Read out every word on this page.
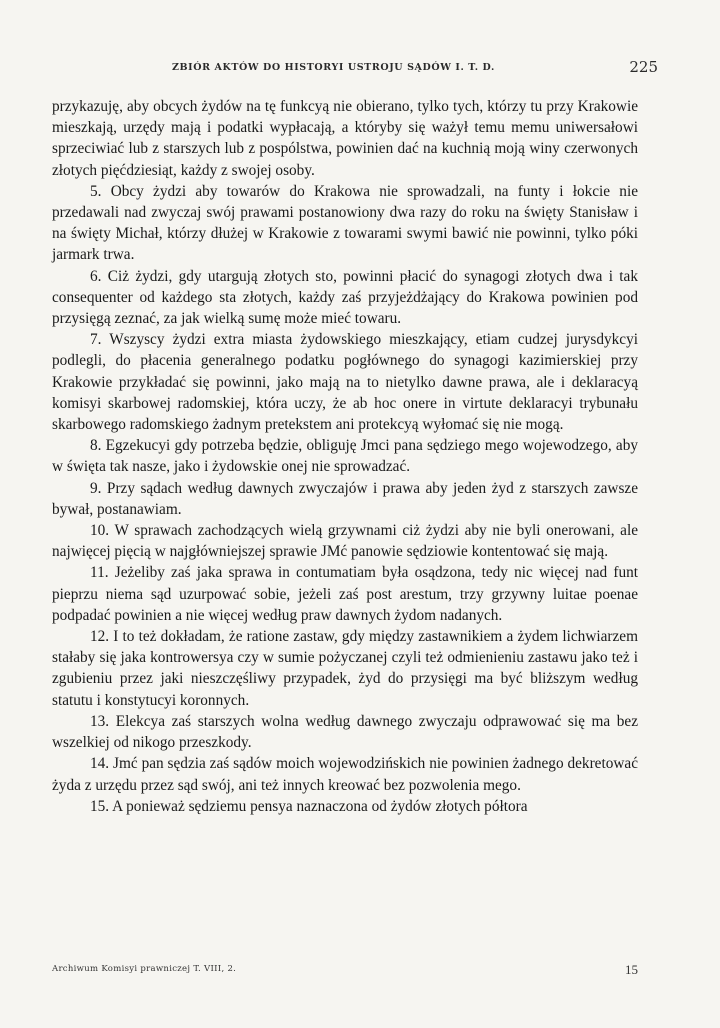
ZBIÓR AKTÓW DO HISTORYI USTROJU SĄDÓW I. T. D.	225

przykazuję, aby obcych żydów na tę funkcyą nie obierano, tylko tych, którzy tu przy Krakowie mieszkają, urzędy mają i podatki wypłacają, a któryby się ważył temu memu uniwersałowi sprzeciwiać lub z starszych lub z pospólstwa, powinien dać na kuchnią moją winy czerwonych złotych pięćdziesiąt, każdy z swojej osoby.

5. Obcy żydzi aby towarów do Krakowa nie sprowadzali, na funty i łokcie nie przedawali nad zwyczaj swój prawami postanowiony dwa razy do roku na święty Stanisław i na święty Michał, którzy dłużej w Krakowie z towarami swymi bawić nie powinni, tylko póki jarmark trwa.

6. Ciż żydzi, gdy utargują złotych sto, powinni płacić do synagogi złotych dwa i tak consequenter od każdego sta złotych, każdy zaś przyjeżdżający do Krakowa powinien pod przysięgą zeznać, za jak wielką sumę może mieć towaru.

7. Wszyscy żydzi extra miasta żydowskiego mieszkający, etiam cudzej jurysdykcyi podlegli, do płacenia generalnego podatku pogłównego do synagogi kazimierskiej przy Krakowie przykładać się powinni, jako mają na to nietylko dawne prawa, ale i deklaracyą komisyi skarbowej radomskiej, która uczy, że ab hoc onere in virtute deklaracyi trybunału skarbowego radomskiego żadnym pretekstem ani protekcyą wyłomać się nie mogą.

8. Egzekucyi gdy potrzeba będzie, obliguję Jmci pana sędziego mego wojewodzego, aby w święta tak nasze, jako i żydowskie onej nie sprowadzać.

9. Przy sądach według dawnych zwyczajów i prawa aby jeden żyd z starszych zawsze bywał, postanawiam.

10. W sprawach zachodzących wielą grzywnami ciż żydzi aby nie byli onerowani, ale najwięcej pięcią w najgłówniejszej sprawie JMć panowie sędziowie kontentować się mają.

11. Jeżeliby zaś jaka sprawa in contumatiam była osądzona, tedy nic więcej nad funt pieprzu niema sąd uzurpować sobie, jeżeli zaś post arestum, trzy grzywny luitae poenae podpadać powinien a nie więcej według praw dawnych żydom nadanych.

12. I to też dokładam, że ratione zastaw, gdy między zastawnikiem a żydem lichwiarzem stałaby się jaka kontrowersya czy w sumie pożyczanej czyli też odmienieniu zastawu jako też i zgubieniu przez jaki nieszczęśliwy przypadek, żyd do przysięgi ma być bliższym według statutu i konstytucyi koronnych.

13. Elekcya zaś starszych wolna według dawnego zwyczaju odprawować się ma bez wszelkiej od nikogo przeszkody.

14. Jmć pan sędzia zaś sądów moich wojewodzińskich nie powinien żadnego dekretować żyda z urzędu przez sąd swój, ani też innych kreować bez pozwolenia mego.

15. A ponieważ sędziemu pensya naznaczona od żydów złotych półtora

Archiwum Komisyi prawniczej T. VIII, 2.	15
